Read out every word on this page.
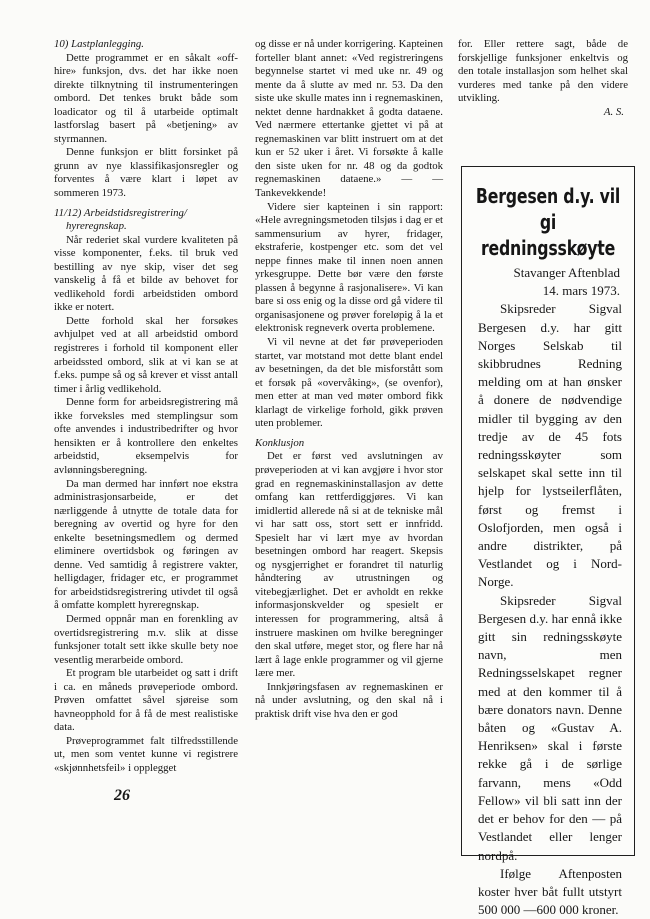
10) Lastplanlegging.

Dette programmet er en såkalt «off-hire» funksjon, dvs. det har ikke noen direkte tilknytning til instrumenteringen ombord. Det tenkes brukt både som loadicator og til å utarbeide optimalt lastforslag basert på «betjening» av styrmannen.

Denne funksjon er blitt forsinket på grunn av nye klassifikasjonsregler og forventes å være klart i løpet av sommeren 1973.

11/12) Arbeidstidsregistrering/

hyreregnskap.

Når rederiet skal vurdere kvaliteten på visse komponenter, f.eks. til bruk ved bestilling av nye skip, viser det seg vanskelig å få et bilde av behovet for vedlikehold fordi arbeidstiden ombord ikke er notert.

Dette forhold skal her forsøkes avhjulpet ved at all arbeidstid ombord registreres i forhold til komponent eller arbeidssted ombord, slik at vi kan se at f.eks. pumpe så og så krever et visst antall timer i årlig vedlikehold.

Denne form for arbeidsregistrering må ikke forveksles med stemplingsur som ofte anvendes i industribedrifter og hvor hensikten er å kontrollere den enkeltes arbeidstid, eksempelvis for avlønningsberegning.

Da man dermed har innført noe ekstra administrasjonsarbeide, er det nærliggende å utnytte de totale data for beregning av overtid og hyre for den enkelte besetningsmedlem og dermed eliminere overtidsbok og føringen av denne. Ved samtidig å registrere vakter, helligdager, fridager etc, er programmet for arbeidstidsregistrering utivdet til også å omfatte komplett hyreregnskap.

Dermed oppnår man en forenkling av overtidsregistrering m.v. slik at disse funksjoner totalt sett ikke skulle bety noe vesentlig merarbeide ombord.

Et program ble utarbeidet og satt i drift i ca. en måneds prøveperiode ombord. Prøven omfattet såvel sjøreise som havneopphold for å få de mest realistiske data.

Prøveprogrammet falt tilfredsstillende ut, men som ventet kunne vi registrere «skjønnhetsfeil» i opplegget

og disse er nå under korrigering. Kapteinen forteller blant annet: «Ved registreringens begynnelse startet vi med uke nr. 49 og mente da å slutte av med nr. 53. Da den siste uke skulle mates inn i regnemaskinen, nektet denne hardnakket å godta dataene. Ved nærmere ettertanke gjettet vi på at regnemaskinen var blitt instruert om at det kun er 52 uker i året. Vi forsøkte å kalle den siste uken for nr. 48 og da godtok regnemaskinen dataene.» — — Tankevekkende!

Videre sier kapteinen i sin rapport: «Hele avregningsmetoden tilsjøs i dag er et sammensurium av hyrer, fridager, ekstraferie, kostpenger etc. som det vel neppe finnes make til innen noen annen yrkesgruppe. Dette bør være den første plassen å begynne å rasjonalisere». Vi kan bare si oss enig og la disse ord gå videre til organisasjonene og prøver foreløpig å la et elektronisk regneverk overta problemene.

Vi vil nevne at det før prøveperioden startet, var motstand mot dette blant endel av besetningen, da det ble misforstått som et forsøk på «overvåking», (se ovenfor), men etter at man ved møter ombord fikk klarlagt de virkelige forhold, gikk prøven uten problemer.

Konklusjon

Det er først ved avslutningen av prøveperioden at vi kan avgjøre i hvor stor grad en regnemaskininstallasjon av dette omfang kan rettferdiggjøres. Vi kan imidlertid allerede nå si at de tekniske mål vi har satt oss, stort sett er innfridd. Spesielt har vi lært mye av hvordan besetningen ombord har reagert. Skepsis og nysgjerrighet er forandret til naturlig håndtering av utrustningen og vitebegjærlighet. Det er avholdt en rekke informasjonskvelder og spesielt er interessen for programmering, altså å instruere maskinen om hvilke beregninger den skal utføre, meget stor, og flere har nå lært å lage enkle programmer og vil gjerne lære mer.

Innkjøringsfasen av regnemaskinen er nå under avslutning, og den skal nå i praktisk drift vise hva den er god

for. Eller rettere sagt, både de forskjellige funksjoner enkeltvis og den totale installasjon som helhet skal vurderes med tanke på den videre utvikling.

A. S.

Bergesen d.y. vil gi
redningsskøyte

Stavanger Aftenblad

14. mars 1973.

Skipsreder Sigval Bergesen d.y. har gitt Norges Selskab til skibbrudnes Redning melding om at han ønsker å donere de nødvendige midler til bygging av den tredje av de 45 fots redningsskøyter som selskapet skal sette inn til hjelp for lystseilerflåten, først og fremst i Oslofjorden, men også i andre distrikter, på Vestlandet og i Nord-Norge.

Skipsreder Sigval Bergesen d.y. har ennå ikke gitt sin redningsskøyte navn, men Redningsselskapet regner med at den kommer til å bære donators navn. Denne båten og «Gustav A. Henriksen» skal i første rekke gå i de sørlige farvann, mens «Odd Fellow» vil bli satt inn der det er behov for den — på Vestlandet eller lenger nordpå.

Ifølge Aftenposten koster hver båt fullt utstyrt 500 000 —600 000 kroner.

26
